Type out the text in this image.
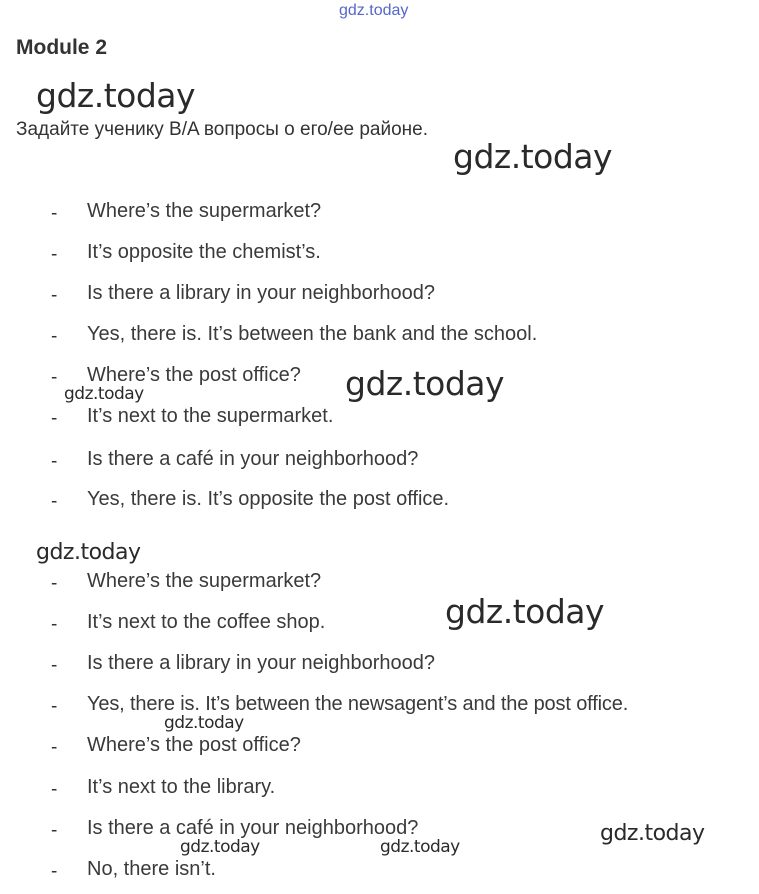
gdz.today
Module 2
Задайте ученику B/A вопросы о его/ее районе.
- Where’s the supermarket?
- It’s opposite the chemist’s.
- Is there a library in your neighborhood?
- Yes, there is. It’s between the bank and the school.
- Where’s the post office?
- It’s next to the supermarket.
- Is there a café in your neighborhood?
- Yes, there is. It’s opposite the post office.
- Where’s the supermarket?
- It’s next to the coffee shop.
- Is there a library in your neighborhood?
- Yes, there is. It’s between the newsagent’s and the post office.
- Where’s the post office?
- It’s next to the library.
- Is there a café in your neighborhood?
- No, there isn’t.
gdz.today
gdz.today
gdz.today
gdz.today
gdz.today
gdz.today
gdz.today
gdz.today
gdz.today	gdz.today
